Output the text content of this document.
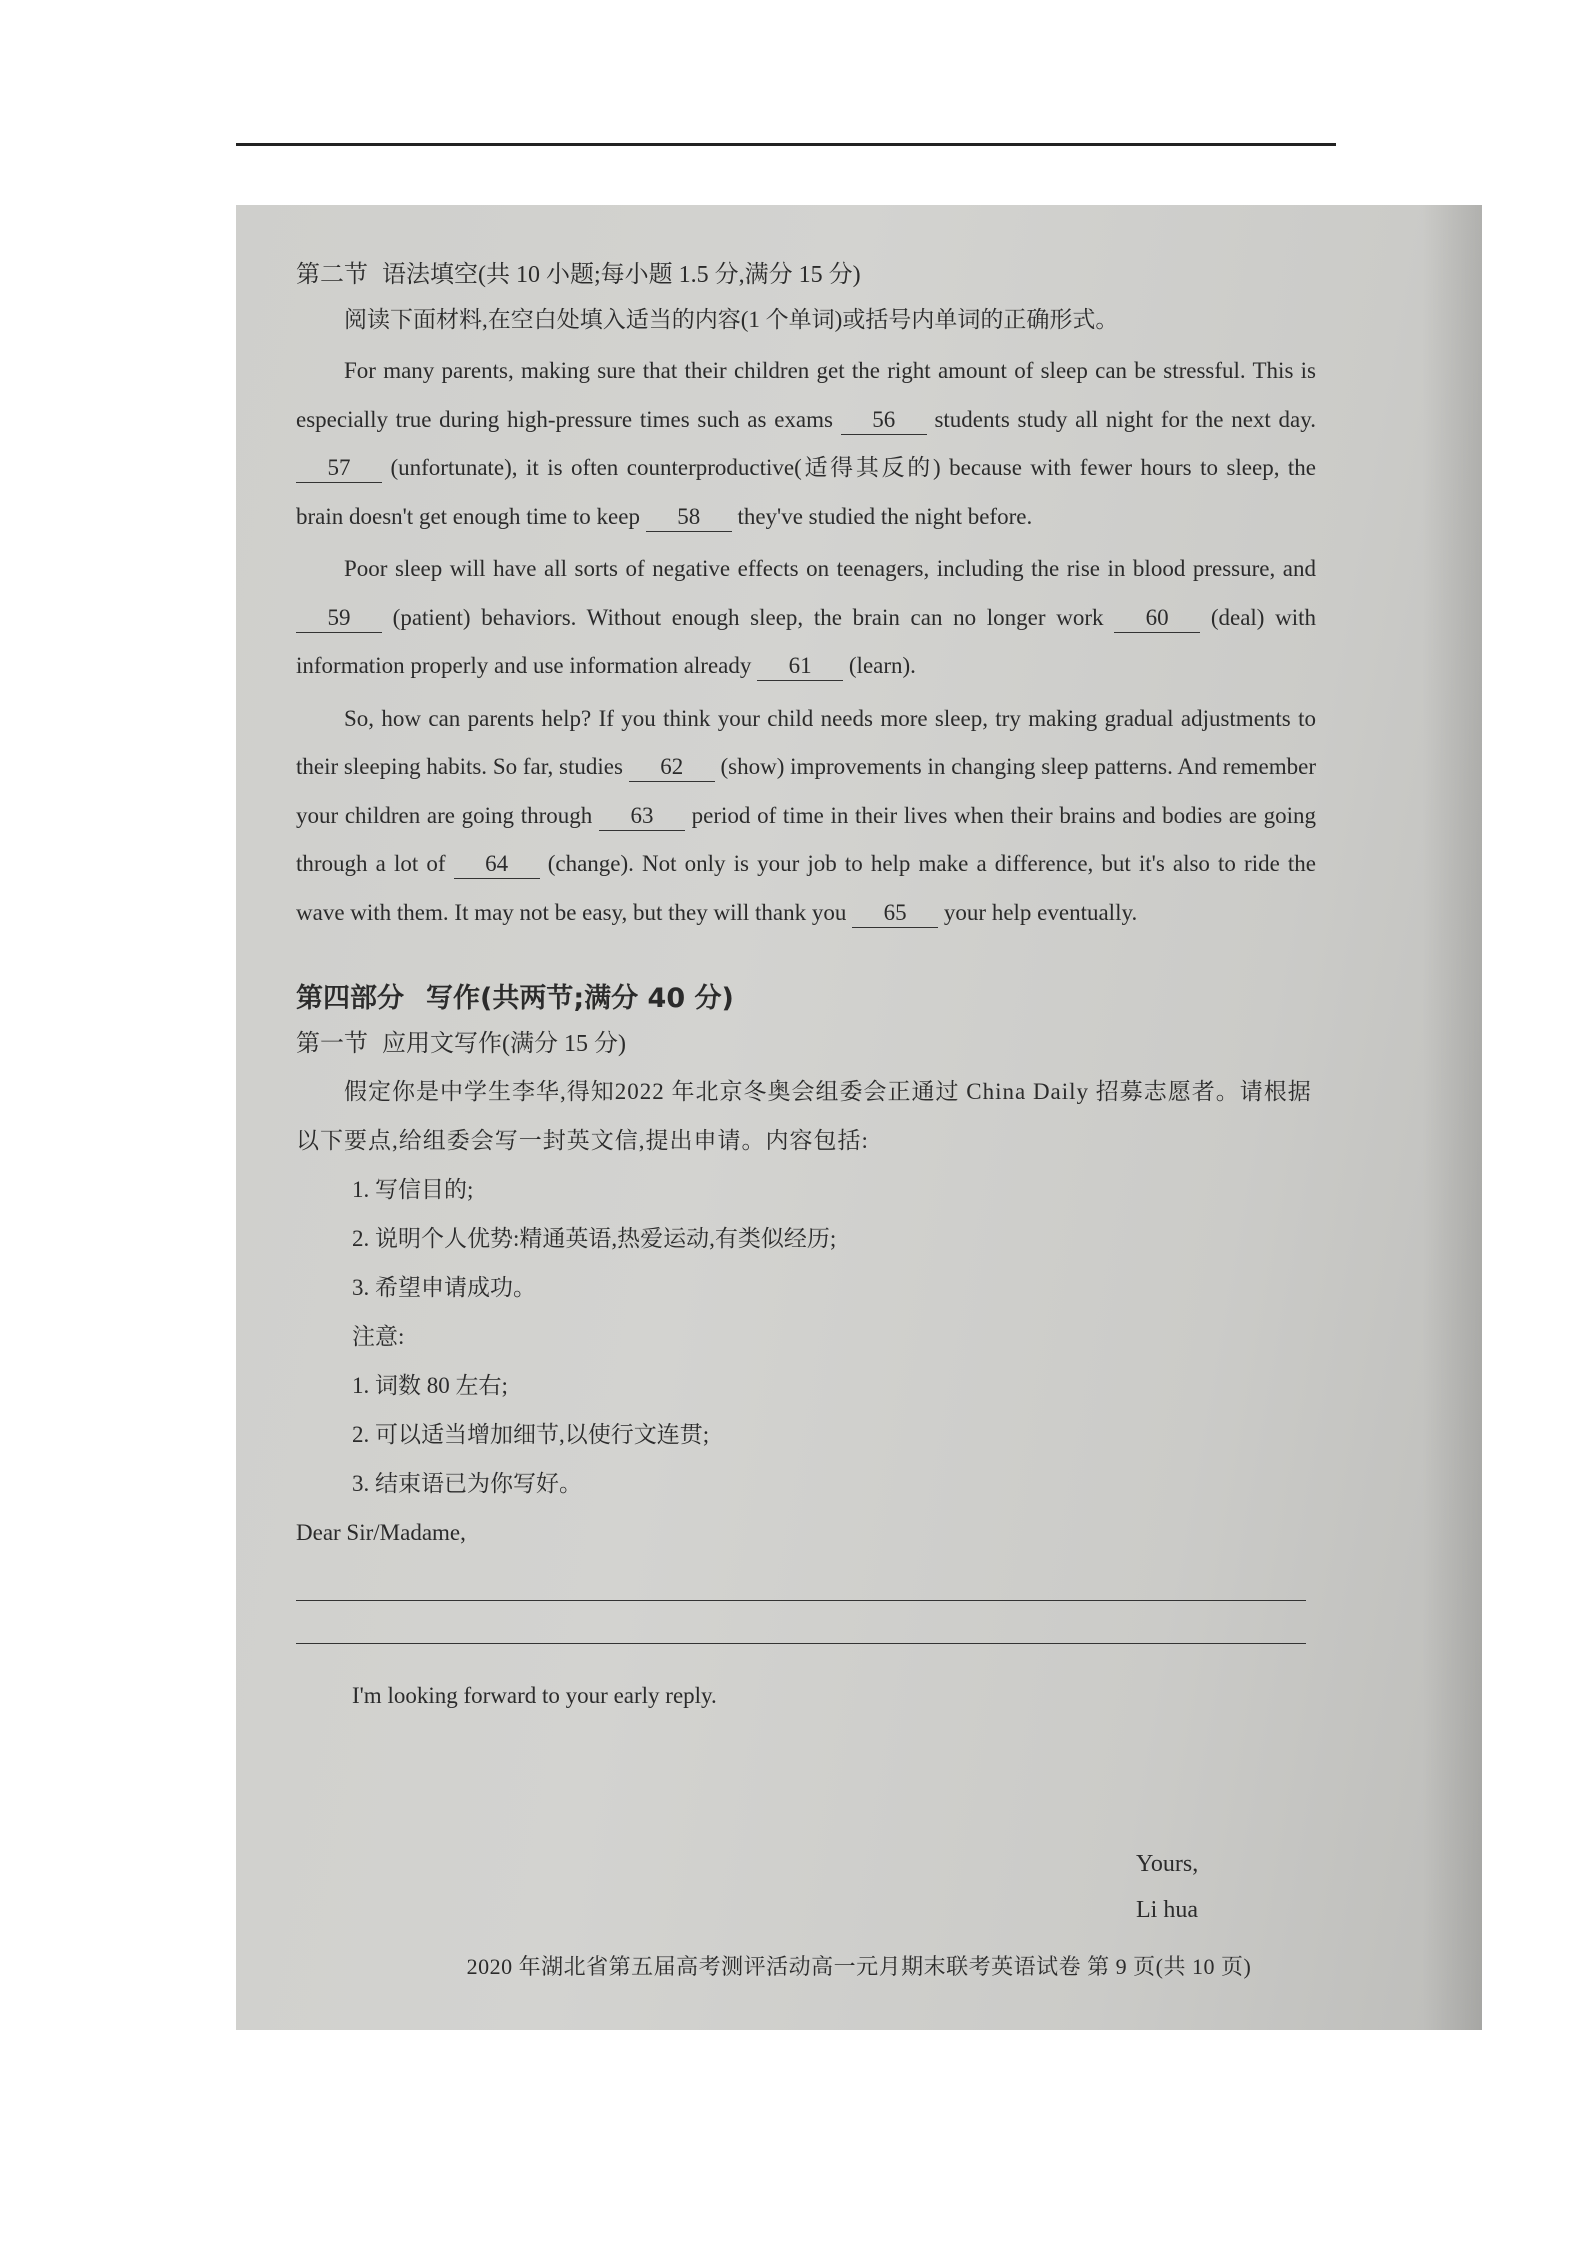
第二节 语法填空(共 10 小题;每小题 1.5 分,满分 15 分)
阅读下面材料,在空白处填入适当的内容(1 个单词)或括号内单词的正确形式。
For many parents, making sure that their children get the right amount of sleep can be stressful. This is especially true during high-pressure times such as exams 56 students study all night for the next day. 57 (unfortunate), it is often counterproductive(适得其反的) because with fewer hours to sleep, the brain doesn't get enough time to keep 58 they've studied the night before.
Poor sleep will have all sorts of negative effects on teenagers, including the rise in blood pressure, and 59 (patient) behaviors. Without enough sleep, the brain can no longer work 60 (deal) with information properly and use information already 61 (learn).
So, how can parents help? If you think your child needs more sleep, try making gradual adjustments to their sleeping habits. So far, studies 62 (show) improvements in changing sleep patterns. And remember your children are going through 63 period of time in their lives when their brains and bodies are going through a lot of 64 (change). Not only is your job to help make a difference, but it's also to ride the wave with them. It may not be easy, but they will thank you 65 your help eventually.
第四部分 写作(共两节;满分 40 分)
第一节 应用文写作(满分 15 分)
假定你是中学生李华,得知2022 年北京冬奥会组委会正通过 China Daily 招募志愿者。请根据以下要点,给组委会写一封英文信,提出申请。内容包括:
1. 写信目的;
2. 说明个人优势:精通英语,热爱运动,有类似经历;
3. 希望申请成功。
注意:
1. 词数 80 左右;
2. 可以适当增加细节,以使行文连贯;
3. 结束语已为你写好。
Dear Sir/Madame,
I'm looking forward to your early reply.
Yours,
Li hua
2020 年湖北省第五届高考测评活动高一元月期末联考英语试卷 第 9 页(共 10 页)
